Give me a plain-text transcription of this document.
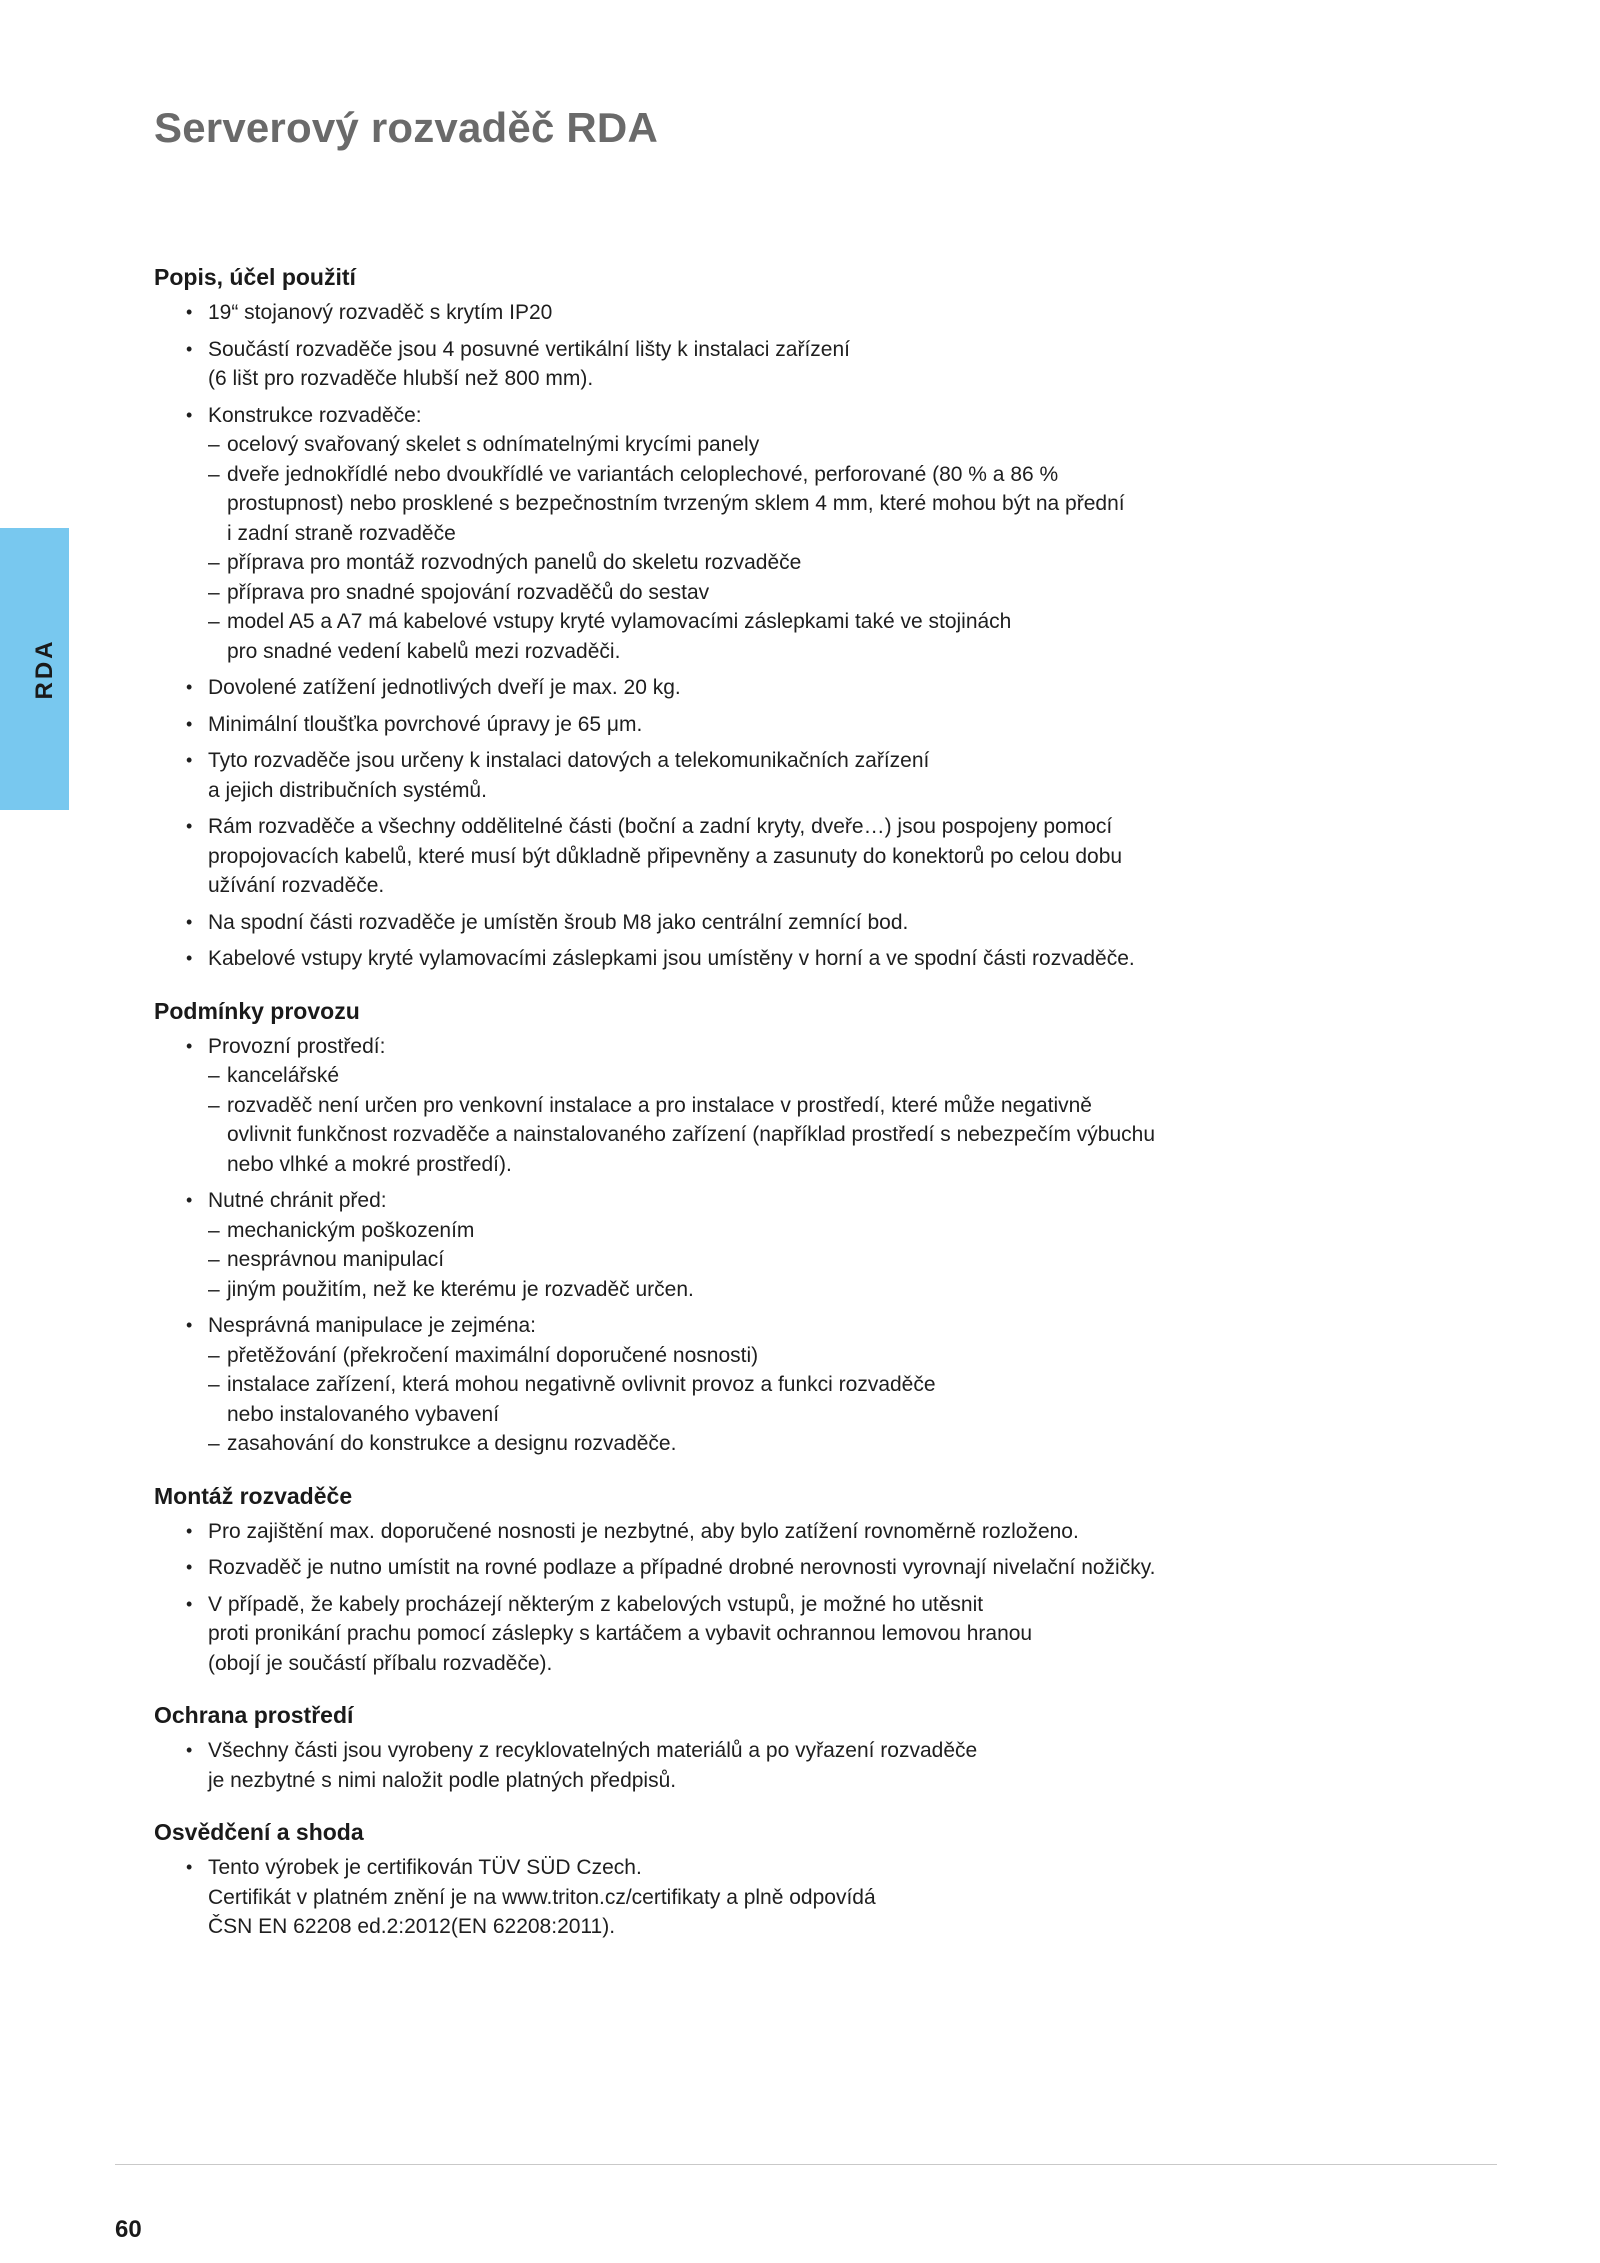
Serverový rozvaděč RDA
RDA
Popis, účel použití
• 19“ stojanový rozvaděč s krytím IP20
• Součástí rozvaděče jsou 4 posuvné vertikální lišty k instalaci zařízení
(6 lišt pro rozvaděče hlubší než 800 mm).
• Konstrukce rozvaděče:
– ocelový svařovaný skelet s odnímatelnými krycími panely
– dveře jednokřídlé nebo dvoukřídlé ve variantách celoplechové, perforované (80 % a 86 %
prostupnost) nebo prosklené s bezpečnostním tvrzeným sklem 4 mm, které mohou být na přední
i zadní straně rozvaděče
– příprava pro montáž rozvodných panelů do skeletu rozvaděče
– příprava pro snadné spojování rozvaděčů do sestav
– model A5 a A7 má kabelové vstupy kryté vylamovacími záslepkami také ve stojinách
pro snadné vedení kabelů mezi rozvaděči.
• Dovolené zatížení jednotlivých dveří je max. 20 kg.
• Minimální tloušťka povrchové úpravy je 65 μm.
• Tyto rozvaděče jsou určeny k instalaci datových a telekomunikačních zařízení
a jejich distribučních systémů.
• Rám rozvaděče a všechny oddělitelné části (boční a zadní kryty, dveře…) jsou pospojeny pomocí
propojovacích kabelů, které musí být důkladně připevněny a zasunuty do konektorů po celou dobu
užívání rozvaděče.
• Na spodní části rozvaděče je umístěn šroub M8 jako centrální zemnící bod.
• Kabelové vstupy kryté vylamovacími záslepkami jsou umístěny v horní a ve spodní části rozvaděče.
Podmínky provozu
• Provozní prostředí:
– kancelářské
– rozvaděč není určen pro venkovní instalace a pro instalace v prostředí, které může negativně
ovlivnit funkčnost rozvaděče a nainstalovaného zařízení (například prostředí s nebezpečím výbuchu
nebo vlhké a mokré prostředí).
• Nutné chránit před:
– mechanickým poškozením
– nesprávnou manipulací
– jiným použitím, než ke kterému je rozvaděč určen.
• Nesprávná manipulace je zejména:
– přetěžování (překročení maximální doporučené nosnosti)
– instalace zařízení, která mohou negativně ovlivnit provoz a funkci rozvaděče
nebo instalovaného vybavení
– zasahování do konstrukce a designu rozvaděče.
Montáž rozvaděče
• Pro zajištění max. doporučené nosnosti je nezbytné, aby bylo zatížení rovnoměrně rozloženo.
• Rozvaděč je nutno umístit na rovné podlaze a případné drobné nerovnosti vyrovnají nivelační nožičky.
• V případě, že kabely procházejí některým z kabelových vstupů, je možné ho utěsnit
proti pronikání prachu pomocí záslepky s kartáčem a vybavit ochrannou lemovou hranou
(obojí je součástí příbalu rozvaděče).
Ochrana prostředí
• Všechny části jsou vyrobeny z recyklovatelných materiálů a po vyřazení rozvaděče
je nezbytné s nimi naložit podle platných předpisů.
Osvědčení a shoda
• Tento výrobek je certifikován TÜV SÜD Czech.
Certifikát v platném znění je na www.triton.cz/certifikaty a plně odpovídá
ČSN EN 62208 ed.2:2012(EN 62208:2011).
60
